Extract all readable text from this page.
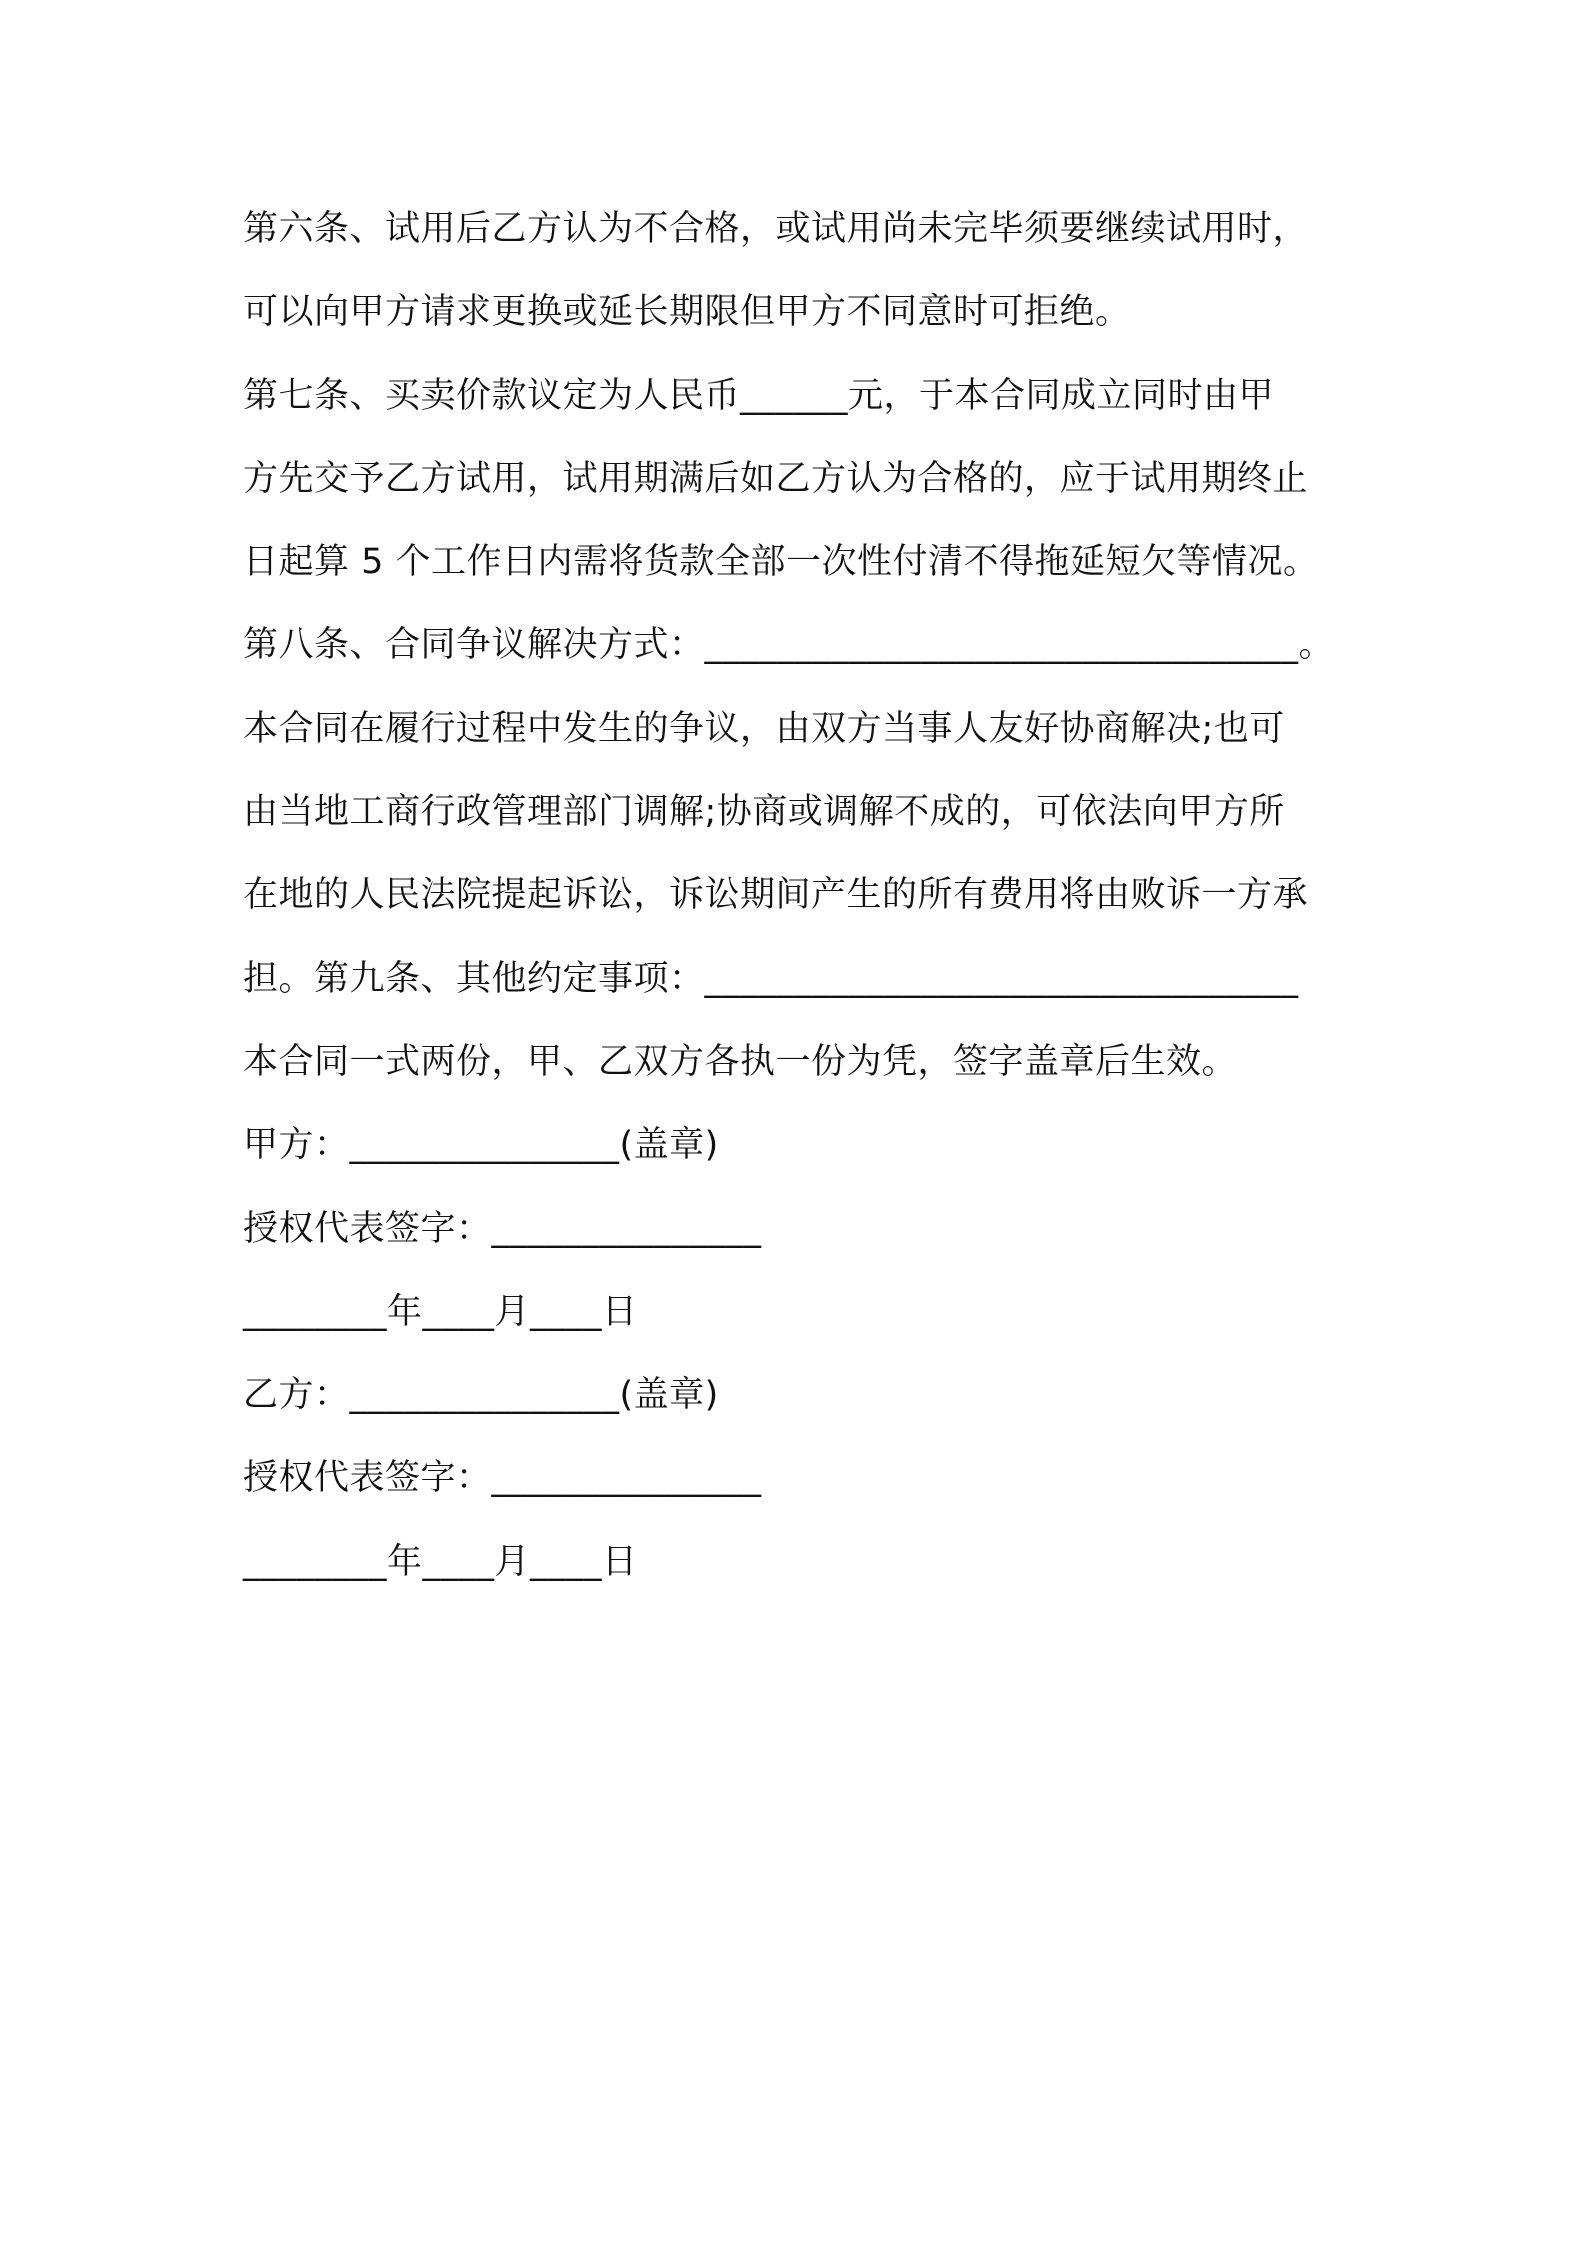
第六条、试用后乙方认为不合格，或试用尚未完毕须要继续试用时，
可以向甲方请求更换或延长期限但甲方不同意时可拒绝。
第七条、买卖价款议定为人民币______元，于本合同成立同时由甲
方先交予乙方试用，试用期满后如乙方认为合格的，应于试用期终止
日起算 5 个工作日内需将货款全部一次性付清不得拖延短欠等情况。
第八条、合同争议解决方式：_________________________________。
本合同在履行过程中发生的争议，由双方当事人友好协商解决;也可
由当地工商行政管理部门调解;协商或调解不成的，可依法向甲方所
在地的人民法院提起诉讼，诉讼期间产生的所有费用将由败诉一方承
担。第九条、其他约定事项：_________________________________
本合同一式两份，甲、乙双方各执一份为凭，签字盖章后生效。
甲方：_______________(盖章)
授权代表签字：_______________
________年____月____日
乙方：_______________(盖章)
授权代表签字：_______________
________年____月____日
